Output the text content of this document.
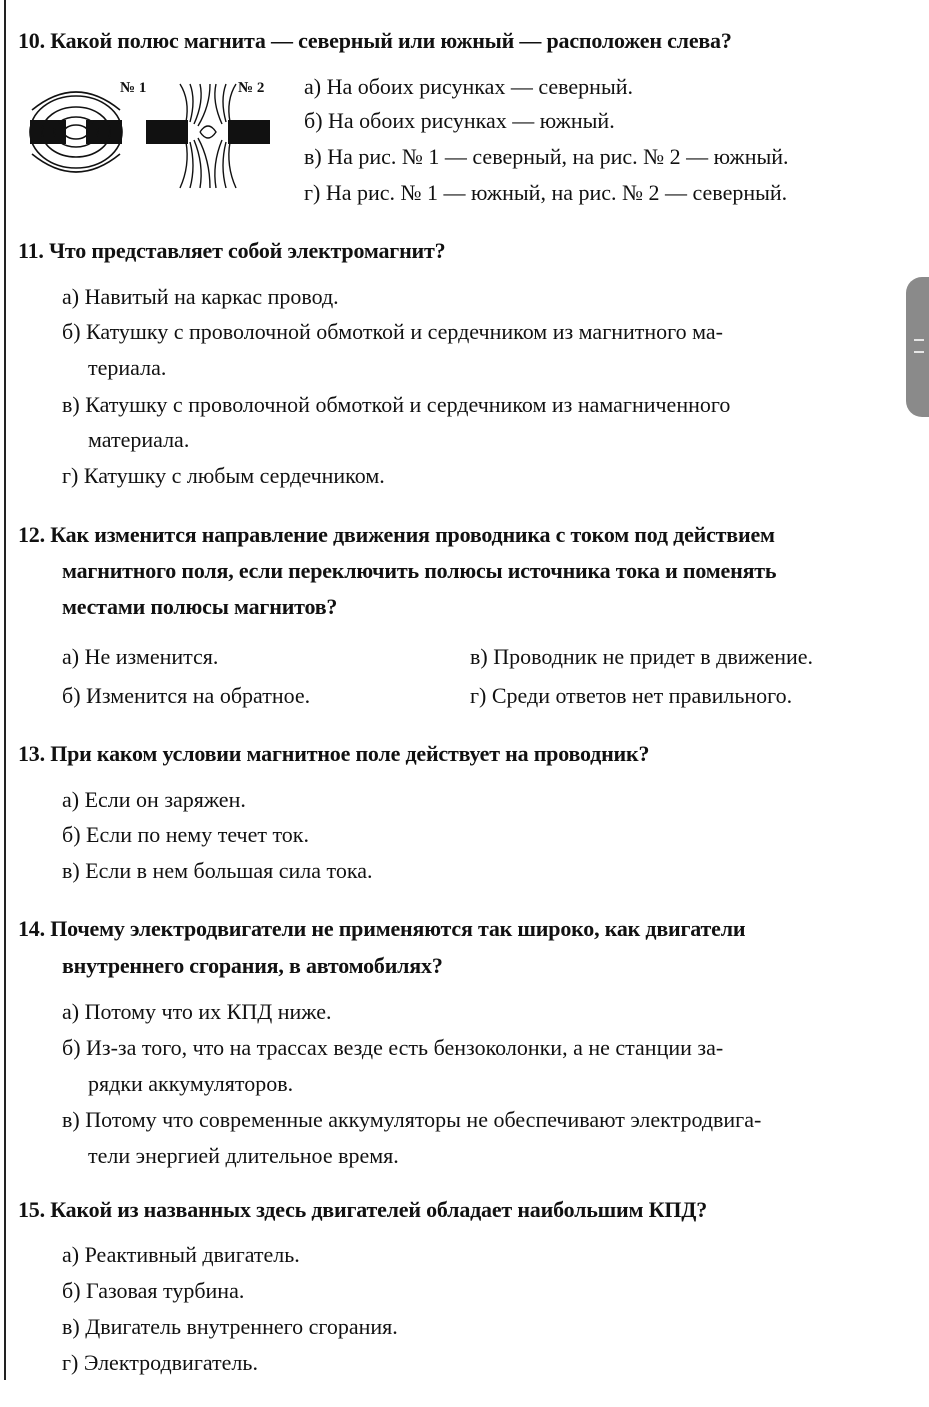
10. Какой полюс магнита — северный или южный — расположен слева?
№ 1	№ 2 а) На обоих рисунках — северный.
б) На обоих рисунках — южный.
в) На рис. № 1 — северный, на рис. № 2 — южный.
г) На рис. № 1 — южный, на рис. № 2 — северный.
11. Что представляет собой электромагнит?
а) Навитый на каркас провод.
б) Катушку с проволочной обмоткой и сердечником из магнитного ма-
териала.
в) Катушку с проволочной обмоткой и сердечником из намагниченного
материала.
г) Катушку с любым сердечником.
12. Как изменится направление движения проводника с током под действием
магнитного поля, если переключить полюсы источника тока и поменять
местами полюсы магнитов?
а) Не изменится.	в) Проводник не придет в движение.
б) Изменится на обратное.	г) Среди ответов нет правильного.
13. При каком условии магнитное поле действует на проводник?
а) Если он заряжен.
б) Если по нему течет ток.
в) Если в нем большая сила тока.
14. Почему электродвигатели не применяются так широко, как двигатели
внутреннего сгорания, в автомобилях?
а) Потому что их КПД ниже.
б) Из-за того, что на трассах везде есть бензоколонки, а не станции за-
рядки аккумуляторов.
в) Потому что современные аккумуляторы не обеспечивают электродвига-
тели энергией длительное время.
15. Какой из названных здесь двигателей обладает наибольшим КПД?
а) Реактивный двигатель.
б) Газовая турбина.
в) Двигатель внутреннего сгорания.
г) Электродвигатель.
